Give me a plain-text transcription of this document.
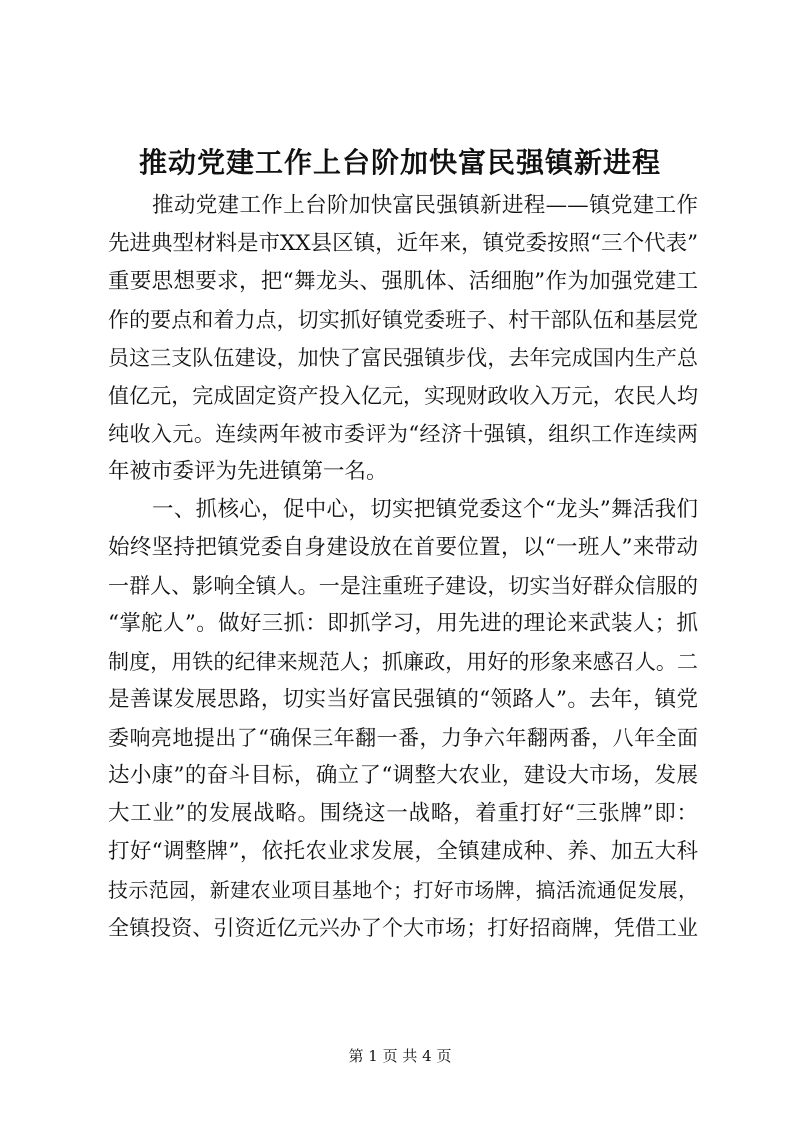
推动党建工作上台阶加快富民强镇新进程

推动党建工作上台阶加快富民强镇新进程——镇党建工作

先进典型材料是市XX县区镇，近年来，镇党委按照“三个代表”

重要思想要求，把“舞龙头、强肌体、活细胞”作为加强党建工

作的要点和着力点，切实抓好镇党委班子、村干部队伍和基层党

员这三支队伍建设，加快了富民强镇步伐，去年完成国内生产总

值亿元，完成固定资产投入亿元，实现财政收入万元，农民人均

纯收入元。连续两年被市委评为“经济十强镇，组织工作连续两

年被市委评为先进镇第一名。

一、抓核心，促中心，切实把镇党委这个“龙头”舞活我们

始终坚持把镇党委自身建设放在首要位置，以“一班人”来带动

一群人、影响全镇人。一是注重班子建设，切实当好群众信服的

“掌舵人”。做好三抓：即抓学习，用先进的理论来武装人；抓

制度，用铁的纪律来规范人；抓廉政，用好的形象来感召人。二

是善谋发展思路，切实当好富民强镇的“领路人”。去年，镇党

委响亮地提出了“确保三年翻一番，力争六年翻两番，八年全面

达小康”的奋斗目标，确立了“调整大农业，建设大市场，发展

大工业”的发展战略。围绕这一战略，着重打好“三张牌”即：

打好“调整牌”，依托农业求发展，全镇建成种、养、加五大科

技示范园，新建农业项目基地个；打好市场牌，搞活流通促发展，

全镇投资、引资近亿元兴办了个大市场；打好招商牌，凭借工业

第 1 页 共 4 页
